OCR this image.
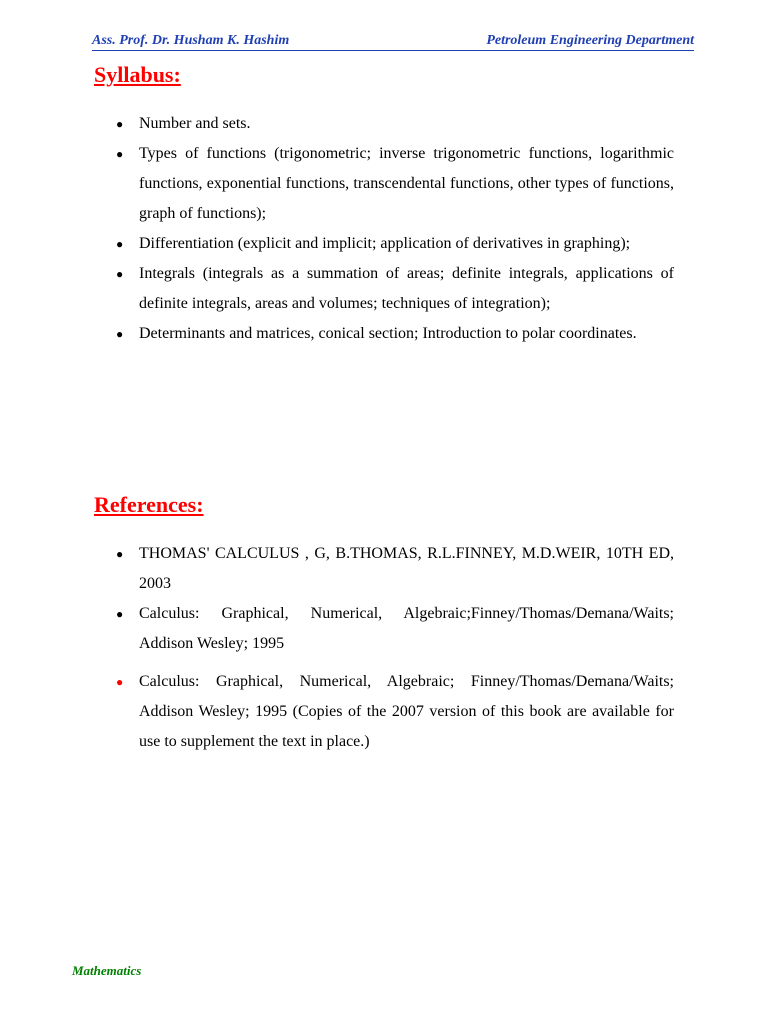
Ass. Prof. Dr. Husham K. Hashim	Petroleum Engineering Department
Syllabus:
● Number and sets.
● Types of functions (trigonometric; inverse trigonometric functions, logarithmic functions, exponential functions, transcendental functions, other types of functions, graph of functions);
● Differentiation (explicit and implicit; application of derivatives in graphing);
● Integrals (integrals as a summation of areas; definite integrals, applications of definite integrals, areas and volumes; techniques of integration);
● Determinants and matrices, conical section; Introduction to polar coordinates.
References:
● THOMAS' CALCULUS , G, B.THOMAS, R.L.FINNEY, M.D.WEIR, 10TH ED, 2003
● Calculus: Graphical, Numerical, Algebraic;Finney/Thomas/Demana/Waits; Addison Wesley; 1995
● Calculus: Graphical, Numerical, Algebraic; Finney/Thomas/Demana/Waits; Addison Wesley; 1995 (Copies of the 2007 version of this book are available for use to supplement the text in place.)
Mathematics
